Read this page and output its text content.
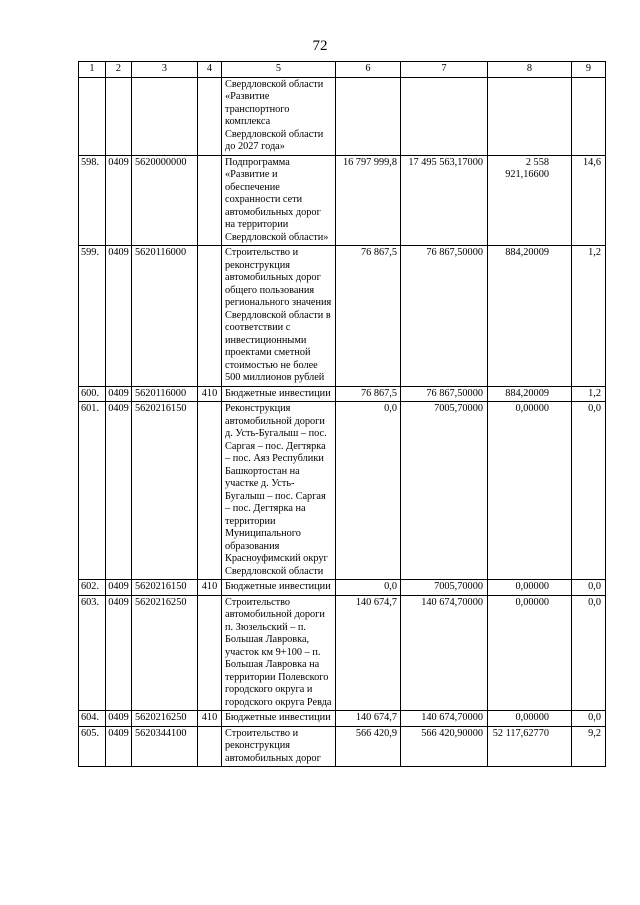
72
1	2	3	4	5	6	7	8	9
				Свердловской области «Развитие транспортного комплекса Свердловской области до 2027 года»				
598.	0409	5620000000		Подпрограмма «Развитие и обеспечение сохранности сети автомобильных дорог на территории Свердловской области»	16 797 999,8	17 495 563,17000	2 558 921,16600	14,6
599.	0409	5620116000		Строительство и реконструкция автомобильных дорог общего пользования регионального значения Свердловской области в соответствии с инвестиционными проектами сметной стоимостью не более 500 миллионов рублей	76 867,5	76 867,50000	884,20009	1,2
600.	0409	5620116000	410	Бюджетные инвестиции	76 867,5	76 867,50000	884,20009	1,2
601.	0409	5620216150		Реконструкция автомобильной дороги д. Усть-Бугалыш – пос. Саргая – пос. Дегтярка – пос. Аяз Республики Башкортостан на участке д. Усть-Бугалыш – пос. Саргая – пос. Дегтярка на территории Муниципального образования Красноуфимский округ Свердловской области	0,0	7005,70000	0,00000	0,0
602.	0409	5620216150	410	Бюджетные инвестиции	0,0	7005,70000	0,00000	0,0
603.	0409	5620216250		Строительство автомобильной дороги п. Зюзельский – п. Большая Лавровка, участок км 9+100 – п. Большая Лавровка на территории Полевского городского округа и городского округа Ревда	140 674,7	140 674,70000	0,00000	0,0
604.	0409	5620216250	410	Бюджетные инвестиции	140 674,7	140 674,70000	0,00000	0,0
605.	0409	5620344100		Строительство и реконструкция автомобильных дорог	566 420,9	566 420,90000	52 117,62770	9,2
